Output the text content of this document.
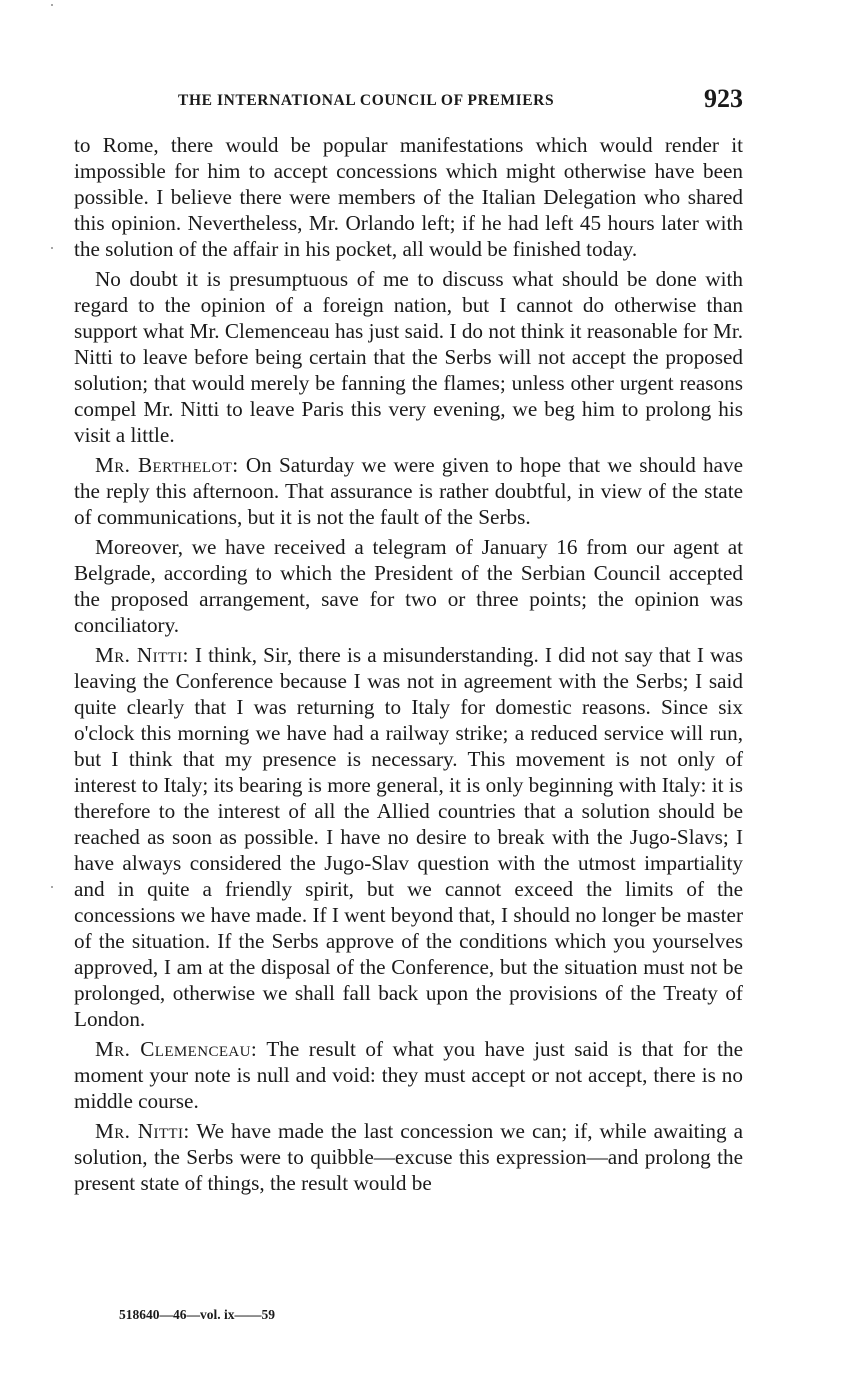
THE INTERNATIONAL COUNCIL OF PREMIERS	923

to Rome, there would be popular manifestations which would render it impossible for him to accept concessions which might otherwise have been possible. I believe there were members of the Italian Delegation who shared this opinion. Nevertheless, Mr. Orlando left; if he had left 45 hours later with the solution of the affair in his pocket, all would be finished today.

No doubt it is presumptuous of me to discuss what should be done with regard to the opinion of a foreign nation, but I cannot do otherwise than support what Mr. Clemenceau has just said. I do not think it reasonable for Mr. Nitti to leave before being certain that the Serbs will not accept the proposed solution; that would merely be fanning the flames; unless other urgent reasons compel Mr. Nitti to leave Paris this very evening, we beg him to prolong his visit a little.

Mr. Berthelot: On Saturday we were given to hope that we should have the reply this afternoon. That assurance is rather doubtful, in view of the state of communications, but it is not the fault of the Serbs.

Moreover, we have received a telegram of January 16 from our agent at Belgrade, according to which the President of the Serbian Council accepted the proposed arrangement, save for two or three points; the opinion was conciliatory.

Mr. Nitti: I think, Sir, there is a misunderstanding. I did not say that I was leaving the Conference because I was not in agreement with the Serbs; I said quite clearly that I was returning to Italy for domestic reasons. Since six o'clock this morning we have had a railway strike; a reduced service will run, but I think that my presence is necessary. This movement is not only of interest to Italy; its bearing is more general, it is only beginning with Italy: it is therefore to the interest of all the Allied countries that a solution should be reached as soon as possible. I have no desire to break with the Jugo-Slavs; I have always considered the Jugo-Slav question with the utmost impartiality and in quite a friendly spirit, but we cannot exceed the limits of the concessions we have made. If I went beyond that, I should no longer be master of the situation. If the Serbs approve of the conditions which you yourselves approved, I am at the disposal of the Conference, but the situation must not be prolonged, otherwise we shall fall back upon the provisions of the Treaty of London.

Mr. Clemenceau: The result of what you have just said is that for the moment your note is null and void: they must accept or not accept, there is no middle course.

Mr. Nitti: We have made the last concession we can; if, while awaiting a solution, the Serbs were to quibble—excuse this expression—and prolong the present state of things, the result would be

518640—46—vol. ix——59
